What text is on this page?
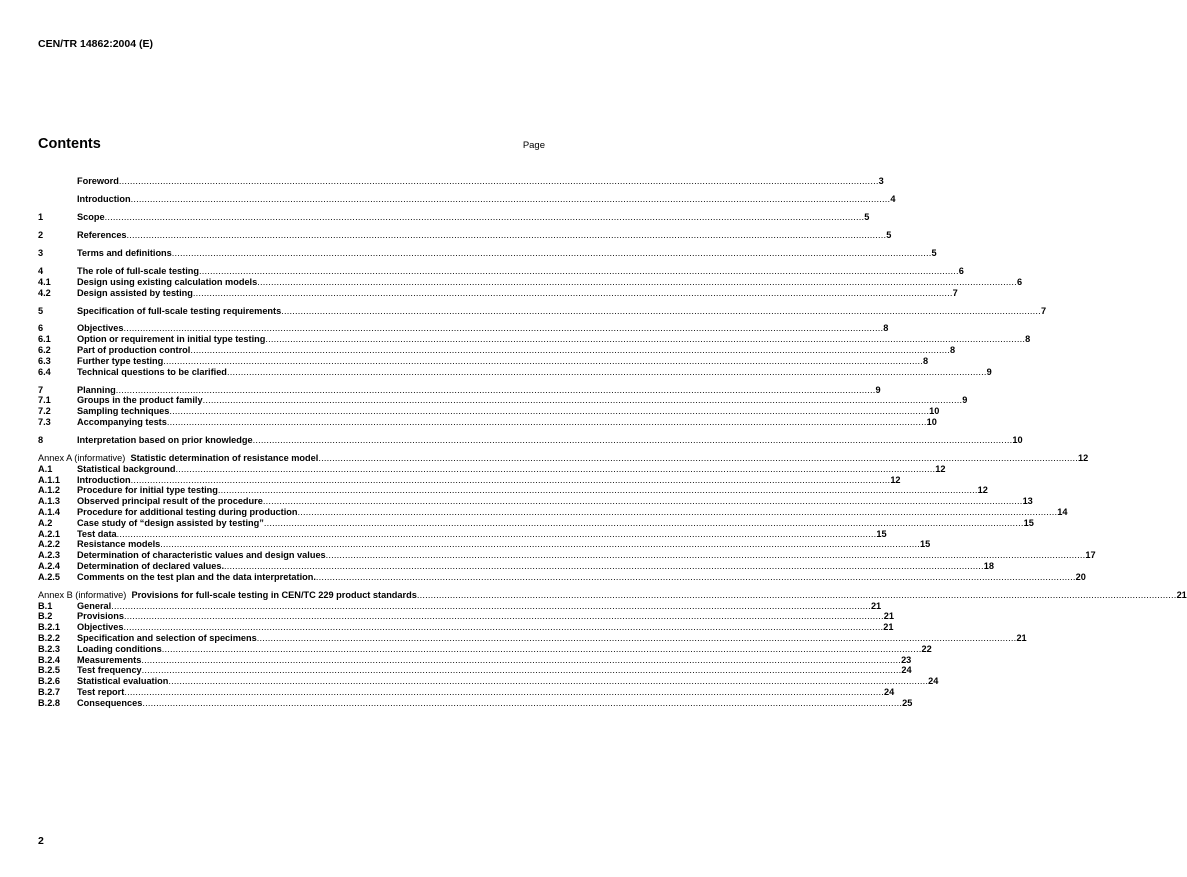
CEN/TR 14862:2004 (E)
Contents	Page
Foreword .....	3
Introduction .....	4
1	Scope .....	5
2	References .....	5
3	Terms and definitions .....	5
4	The role of full-scale testing .....	6
4.1	Design using existing calculation models .....	6
4.2	Design assisted by testing .....	7
5	Specification of full-scale testing requirements .....	7
6	Objectives .....	8
6.1	Option or requirement in initial type testing .....	8
6.2	Part of production control .....	8
6.3	Further type testing .....	8
6.4	Technical questions to be clarified .....	9
7	Planning .....	9
7.1	Groups in the product family .....	9
7.2	Sampling techniques .....	10
7.3	Accompanying tests .....	10
8	Interpretation based on prior knowledge .....	10
Annex A (informative)  Statistic determination of resistance model .....	12
A.1	Statistical background .....	12
A.1.1	Introduction .....	12
A.1.2	Procedure for initial type testing .....	12
A.1.3	Observed principal result of the procedure .....	13
A.1.4	Procedure for additional testing during production .....	14
A.2	Case study of “design assisted by testing” .....	15
A.2.1	Test data .....	15
A.2.2	Resistance models .....	15
A.2.3	Determination of characteristic values and design values .....	17
A.2.4	Determination of declared values. .....	18
A.2.5	Comments on the test plan and the data interpretation. .....	20
Annex B (informative)  Provisions for full-scale testing in CEN/TC 229 product standards .....	21
B.1	General .....	21
B.2	Provisions .....	21
B.2.1	Objectives .....	21
B.2.2	Specification and selection of specimens .....	21
B.2.3	Loading conditions .....	22
B.2.4	Measurements .....	23
B.2.5	Test frequency .....	24
B.2.6	Statistical evaluation .....	24
B.2.7	Test report .....	24
B.2.8	Consequences .....	25
2
